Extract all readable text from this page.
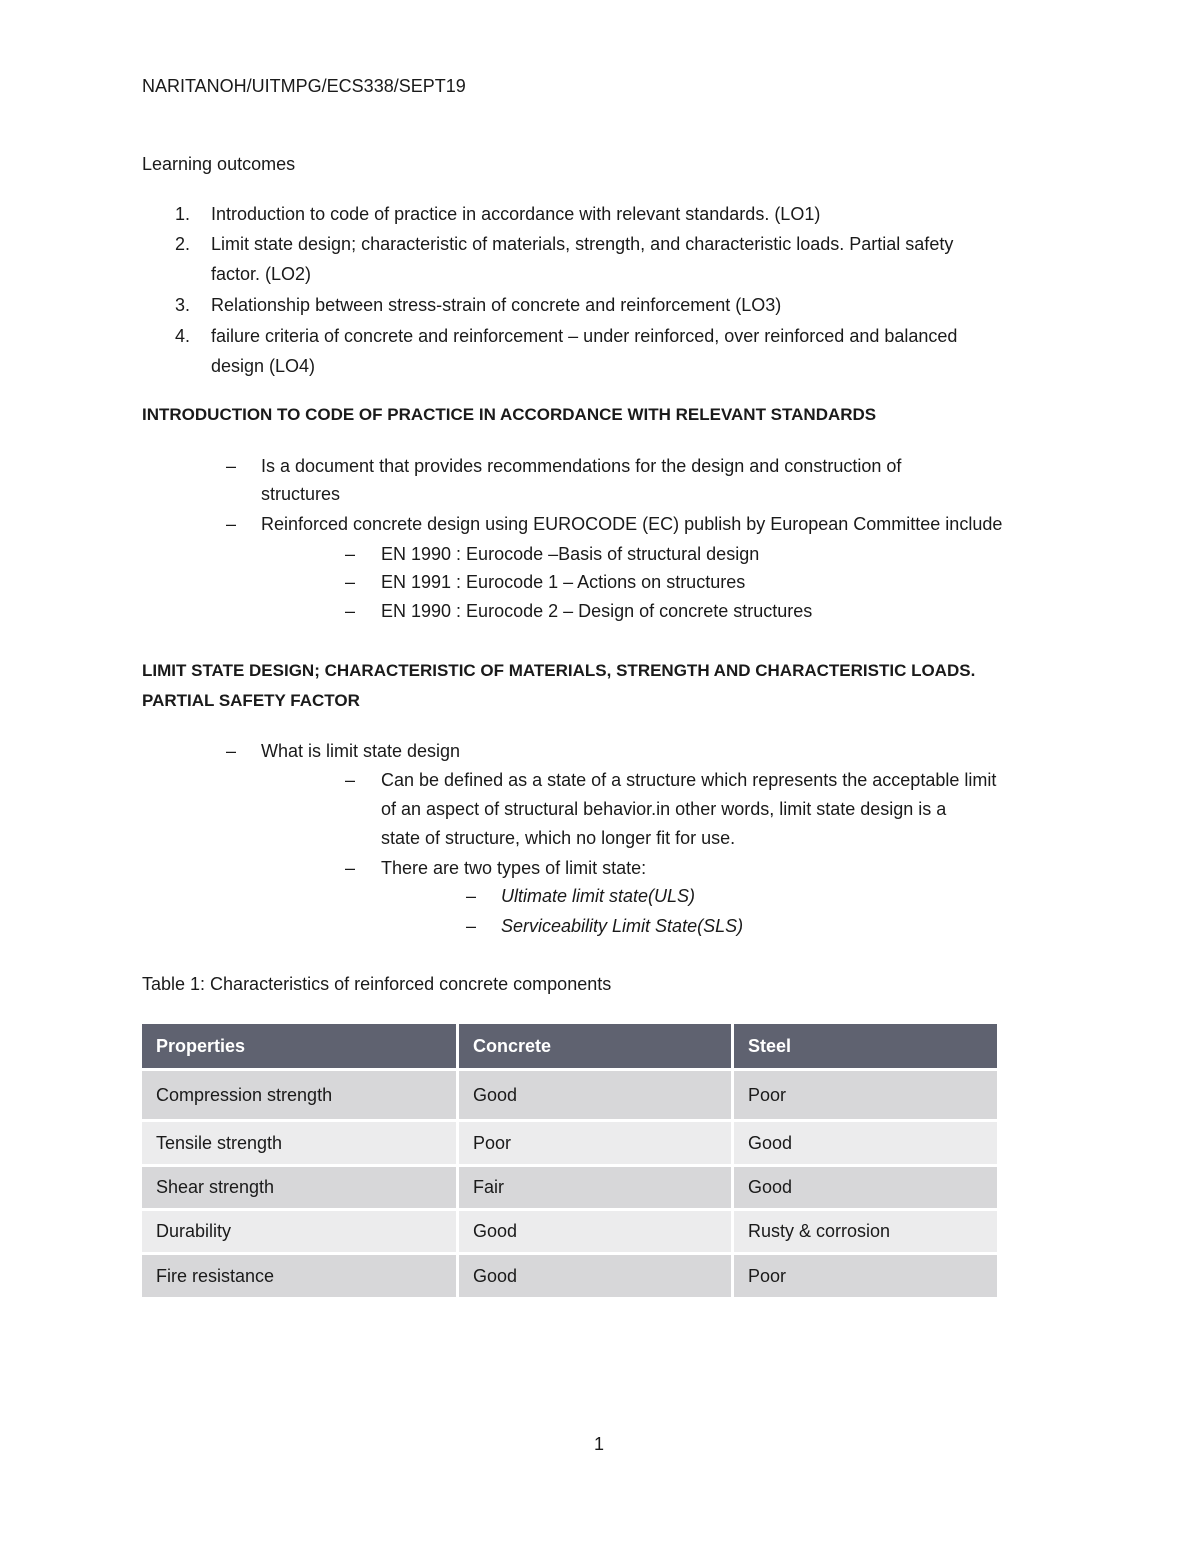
NARITANOH/UITMPG/ECS338/SEPT19
Learning outcomes
1. Introduction to code of practice in accordance with relevant standards. (LO1)
2. Limit state design; characteristic of materials, strength, and characteristic loads. Partial safety
factor. (LO2)
3. Relationship between stress-strain of concrete and reinforcement (LO3)
4. failure criteria of concrete and reinforcement – under reinforced, over reinforced and balanced
design (LO4)
INTRODUCTION TO CODE OF PRACTICE IN ACCORDANCE WITH RELEVANT STANDARDS
–	Is a document that provides recommendations for the design and construction of
structures
–	Reinforced concrete design using EUROCODE (EC) publish by European Committee include
–	EN 1990 : Eurocode –Basis of structural design
–	EN 1991 : Eurocode 1 – Actions on structures
–	EN 1990 : Eurocode 2 – Design of concrete structures
LIMIT STATE DESIGN; CHARACTERISTIC OF MATERIALS, STRENGTH AND CHARACTERISTIC LOADS.
PARTIAL SAFETY FACTOR
–	What is limit state design
–	Can be defined as a state of a structure which represents the acceptable limit
of an aspect of structural behavior.in other words, limit state design is a
state of structure, which no longer fit for use.
–	There are two types of limit state:
–	Ultimate limit state(ULS)
–	Serviceability Limit State(SLS)
Table 1: Characteristics of reinforced concrete components
Properties	Concrete	Steel
Compression strength	Good	Poor
Tensile strength	Poor	Good
Shear strength	Fair	Good
Durability	Good	Rusty & corrosion
Fire resistance	Good	Poor
1
